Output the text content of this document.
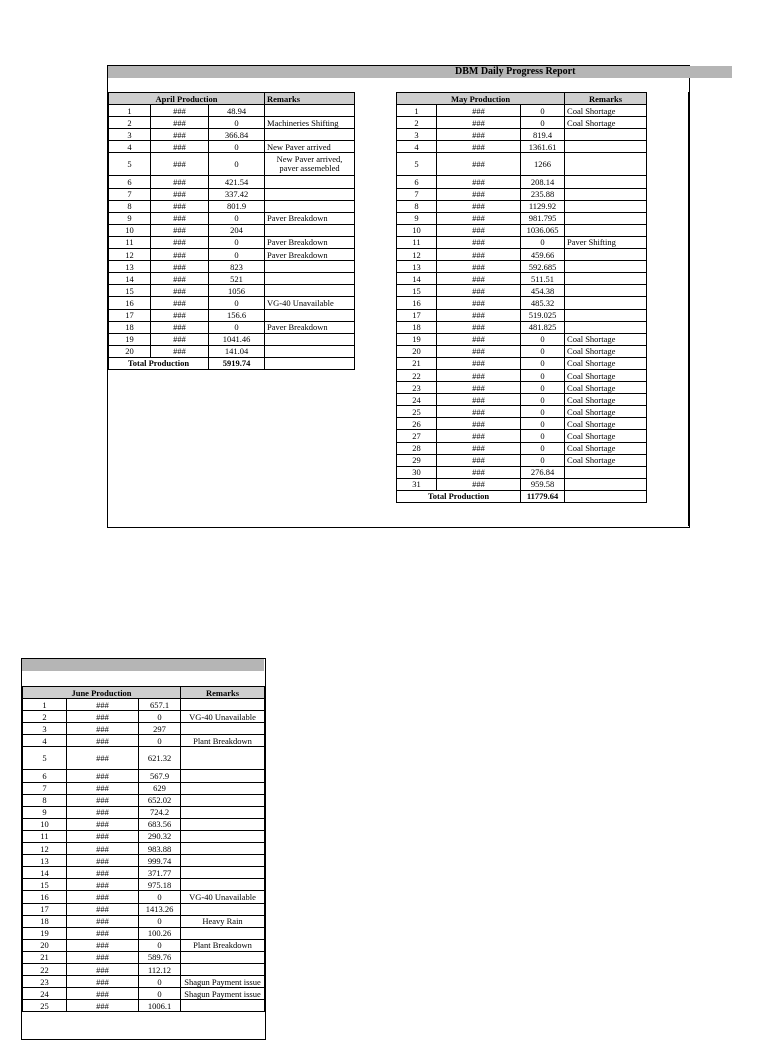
DBM Daily Progress Report
April Production			Remarks
1	###	48.94	
2	###	0	Machineries Shifting
3	###	366.84	
4	###	0	New Paver arrived
5	###	0	New Paver arrived, paver assemebled
6	###	421.54	
7	###	337.42	
8	###	801.9	
9	###	0	Paver Breakdown
10	###	204	
11	###	0	Paver Breakdown
12	###	0	Paver Breakdown
13	###	823	
14	###	521	
15	###	1056	
16	###	0	VG-40 Unavailable
17	###	156.6	
18	###	0	Paver Breakdown
19	###	1041.46	
20	###	141.04	
Total Production		5919.74	
May Production			Remarks
1	###	0	Coal Shortage
2	###	0	Coal Shortage
3	###	819.4	
4	###	1361.61	
5	###	1266	
6	###	208.14	
7	###	235.88	
8	###	1129.92	
9	###	981.795	
10	###	1036.065	
11	###	0	Paver Shifting
12	###	459.66	
13	###	592.685	
14	###	511.51	
15	###	454.38	
16	###	485.32	
17	###	519.025	
18	###	481.825	
19	###	0	Coal Shortage
20	###	0	Coal Shortage
21	###	0	Coal Shortage
22	###	0	Coal Shortage
23	###	0	Coal Shortage
24	###	0	Coal Shortage
25	###	0	Coal Shortage
26	###	0	Coal Shortage
27	###	0	Coal Shortage
28	###	0	Coal Shortage
29	###	0	Coal Shortage
30	###	276.84	
31	###	959.58	
Total Production		11779.64	
June Production			Remarks
1	###	657.1	
2	###	0	VG-40 Unavailable
3	###	297	
4	###	0	Plant Breakdown
5	###	621.32	
6	###	567.9	
7	###	629	
8	###	652.02	
9	###	724.2	
10	###	683.56	
11	###	290.32	
12	###	983.88	
13	###	999.74	
14	###	371.77	
15	###	975.18	
16	###	0	VG-40 Unavailable
17	###	1413.26	
18	###	0	Heavy Rain
19	###	100.26	
20	###	0	Plant Breakdown
21	###	589.76	
22	###	112.12	
23	###	0	Shagun Payment issue
24	###	0	Shagun Payment issue
25	###	1006.1	
